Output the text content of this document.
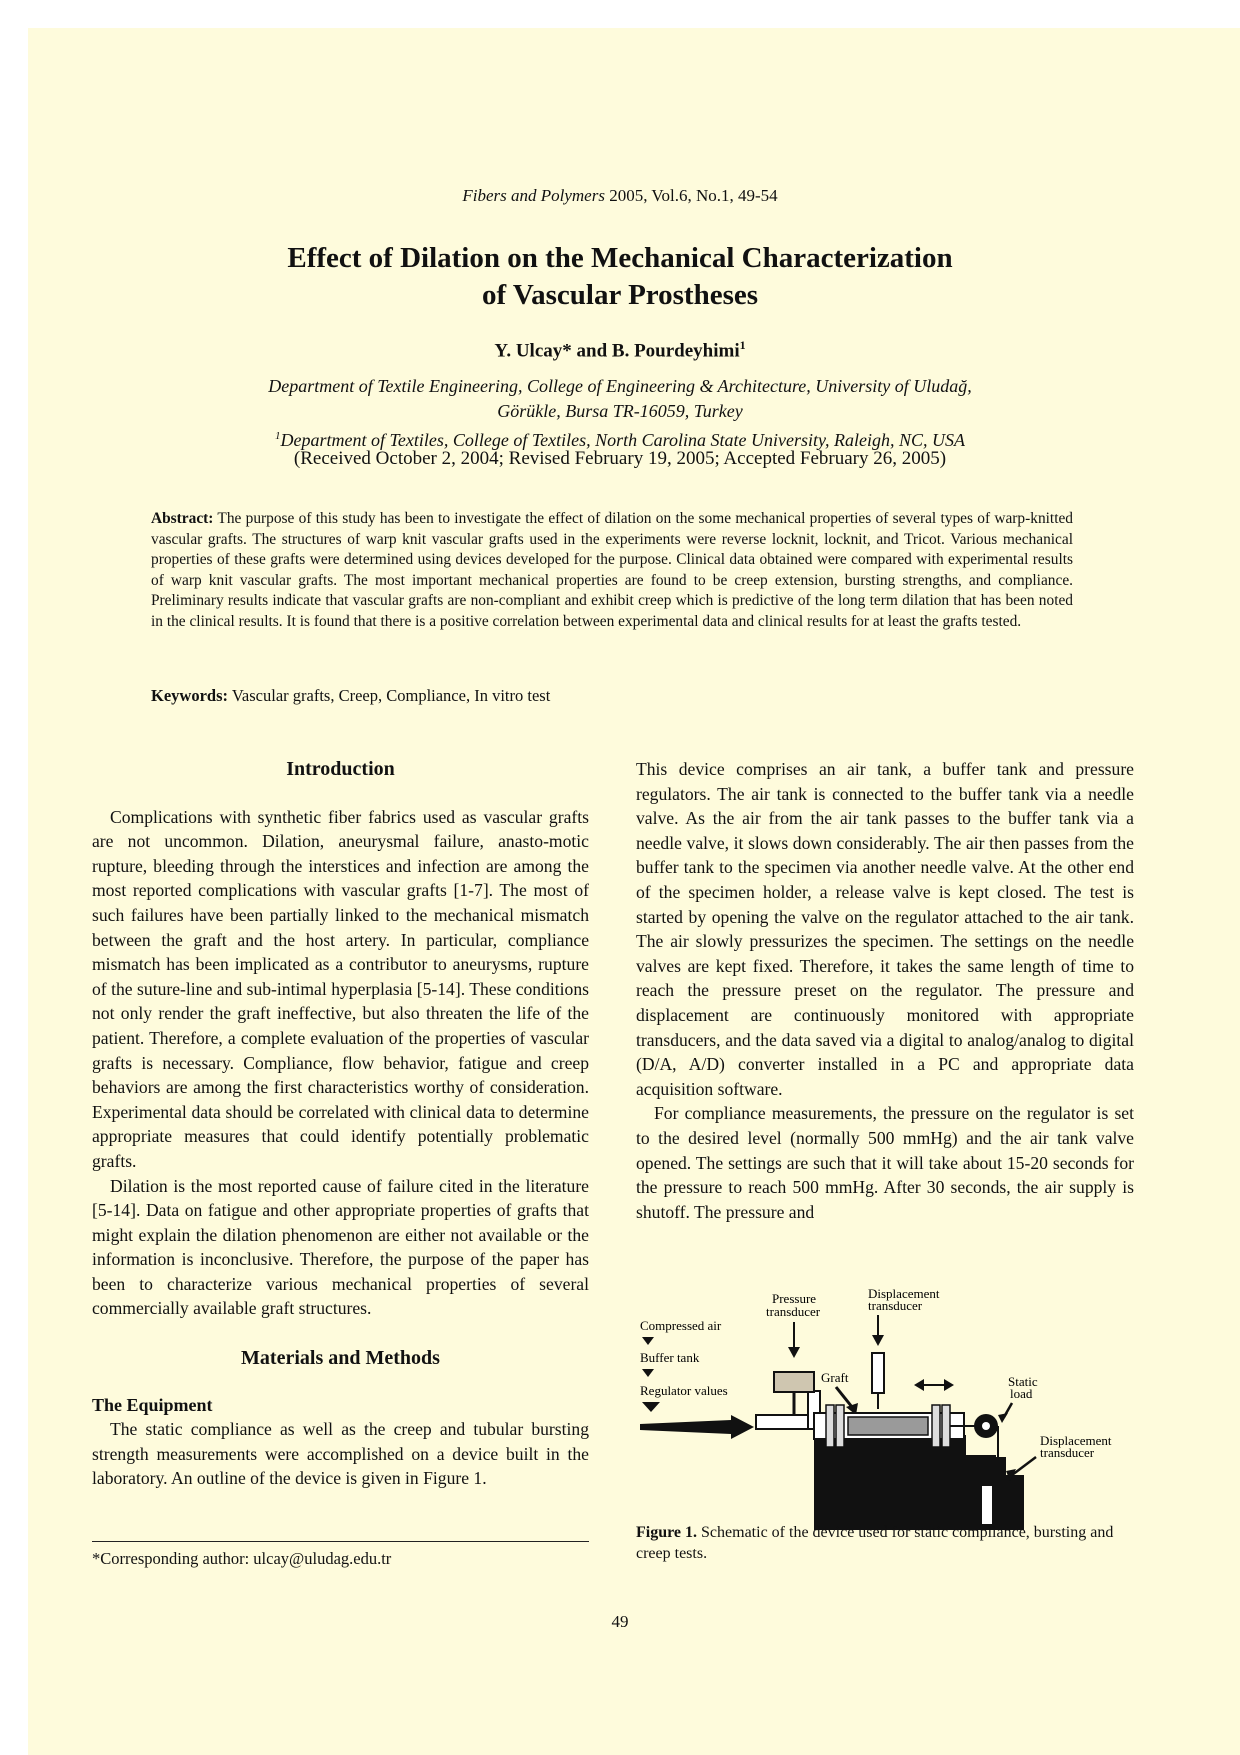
Fibers and Polymers 2005, Vol.6, No.1, 49-54
Effect of Dilation on the Mechanical Characterization
of Vascular Prostheses
Y. Ulcay* and B. Pourdeyhimi$^1$
Department of Textile Engineering, College of Engineering & Architecture, University of Uludağ,
Görükle, Bursa TR-16059, Turkey
$^1$Department of Textiles, College of Textiles, North Carolina State University, Raleigh, NC, USA
(Received October 2, 2004; Revised February 19, 2005; Accepted February 26, 2005)
Abstract: The purpose of this study has been to investigate the effect of dilation on the some mechanical properties of several types of warp-knitted vascular grafts. The structures of warp knit vascular grafts used in the experiments were reverse locknit, locknit, and Tricot. Various mechanical properties of these grafts were determined using devices developed for the purpose. Clinical data obtained were compared with experimental results of warp knit vascular grafts. The most important mechanical properties are found to be creep extension, bursting strengths, and compliance. Preliminary results indicate that vascular grafts are non-compliant and exhibit creep which is predictive of the long term dilation that has been noted in the clinical results. It is found that there is a positive correlation between experimental data and clinical results for at least the grafts tested.
Keywords: Vascular grafts, Creep, Compliance, In vitro test
Introduction

Complications with synthetic fiber fabrics used as vascular grafts are not uncommon. Dilation, aneurysmal failure, anasto-motic rupture, bleeding through the interstices and infection are among the most reported complications with vascular grafts [1-7]. The most of such failures have been partially linked to the mechanical mismatch between the graft and the host artery. In particular, compliance mismatch has been implicated as a contributor to aneurysms, rupture of the suture-line and sub-intimal hyperplasia [5-14]. These conditions not only render the graft ineffective, but also threaten the life of the patient. Therefore, a complete evaluation of the properties of vascular grafts is necessary. Compliance, flow behavior, fatigue and creep behaviors are among the first characteristics worthy of consideration. Experimental data should be correlated with clinical data to determine appropriate measures that could identify potentially problematic grafts.

Dilation is the most reported cause of failure cited in the literature [5-14]. Data on fatigue and other appropriate properties of grafts that might explain the dilation phenomenon are either not available or the information is inconclusive. Therefore, the purpose of the paper has been to characterize various mechanical properties of several commercially available graft structures.

Materials and Methods
The Equipment

The static compliance as well as the creep and tubular bursting strength measurements were accomplished on a device built in the laboratory. An outline of the device is given in Figure 1.

This device comprises an air tank, a buffer tank and pressure regulators. The air tank is connected to the buffer tank via a needle valve. As the air from the air tank passes to the buffer tank via a needle valve, it slows down considerably. The air then passes from the buffer tank to the specimen via another needle valve. At the other end of the specimen holder, a release valve is kept closed. The test is started by opening the valve on the regulator attached to the air tank. The air slowly pressurizes the specimen. The settings on the needle valves are kept fixed. Therefore, it takes the same length of time to reach the pressure preset on the regulator. The pressure and displacement are continuously monitored with appropriate transducers, and the data saved via a digital to analog/analog to digital (D/A, A/D) converter installed in a PC and appropriate data acquisition software.

For compliance measurements, the pressure on the regulator is set to the desired level (normally 500 mmHg) and the air tank valve opened. The settings are such that it will take about 15-20 seconds for the pressure to reach 500 mmHg. After 30 seconds, the air supply is shutoff. The pressure and

Compressed air
Buffer tank
Regulator values
Pressure
transducer
Displacement
transducer
Graft	Static
load
Displacement
transducer
Figure 1. Schematic of the device used for static compliance, bursting and creep tests.
*Corresponding author: ulcay@uludag.edu.tr
49
